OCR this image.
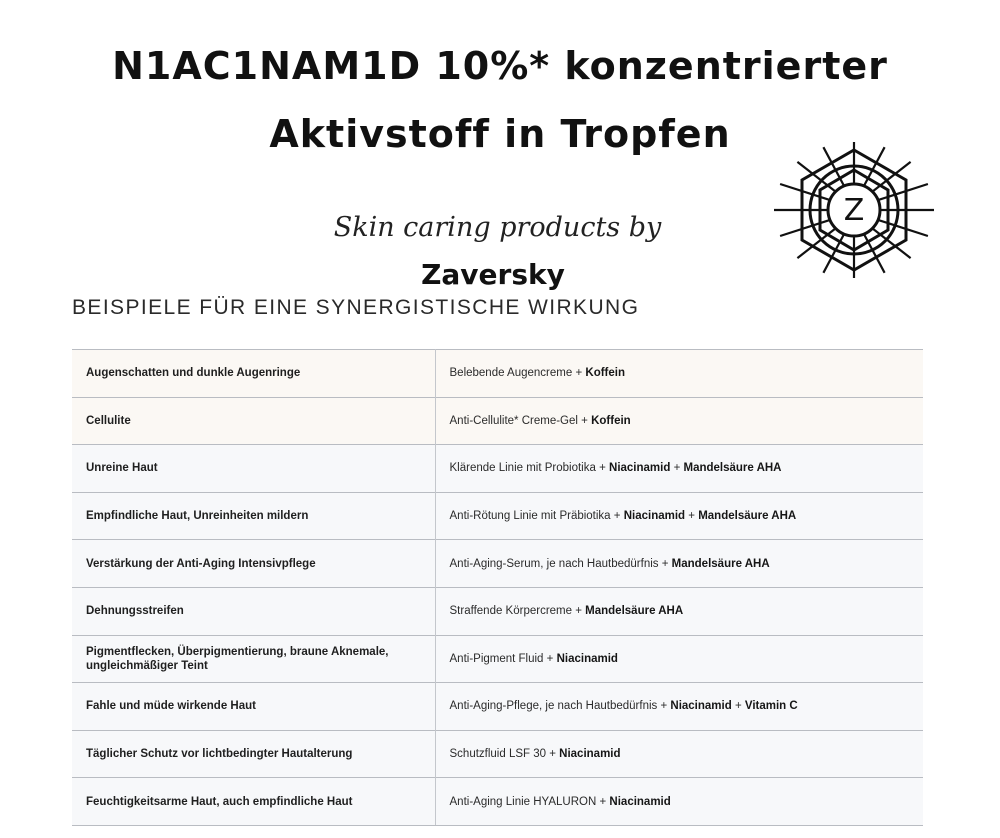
N1AC1NAM1D 10%* konzentrierter
Aktivstoff in Tropfen
Skin caring products by
Zaversky
Z
BEISPIELE FÜR EINE SYNERGISTISCHE WIRKUNG
Augenschatten und dunkle Augenringe	Belebende Augencreme + Koffein
Cellulite	Anti-Cellulite* Creme-Gel + Koffein
Unreine Haut	Klärende Linie mit Probiotika + Niacinamid + Mandelsäure AHA
Empfindliche Haut, Unreinheiten mildern	Anti-Rötung Linie mit Präbiotika + Niacinamid + Mandelsäure AHA
Verstärkung der Anti-Aging Intensivpflege	Anti-Aging-Serum, je nach Hautbedürfnis + Mandelsäure AHA
Dehnungsstreifen	Straffende Körpercreme + Mandelsäure AHA
Pigmentflecken, Überpigmentierung, braune Aknemale, ungleichmäßiger Teint	Anti-Pigment Fluid + Niacinamid
Fahle und müde wirkende Haut	Anti-Aging-Pflege, je nach Hautbedürfnis + Niacinamid + Vitamin C
Täglicher Schutz vor lichtbedingter Hautalterung	Schutzfluid LSF 30 + Niacinamid
Feuchtigkeitsarme Haut, auch empfindliche Haut	Anti-Aging Linie HYALURON + Niacinamid
